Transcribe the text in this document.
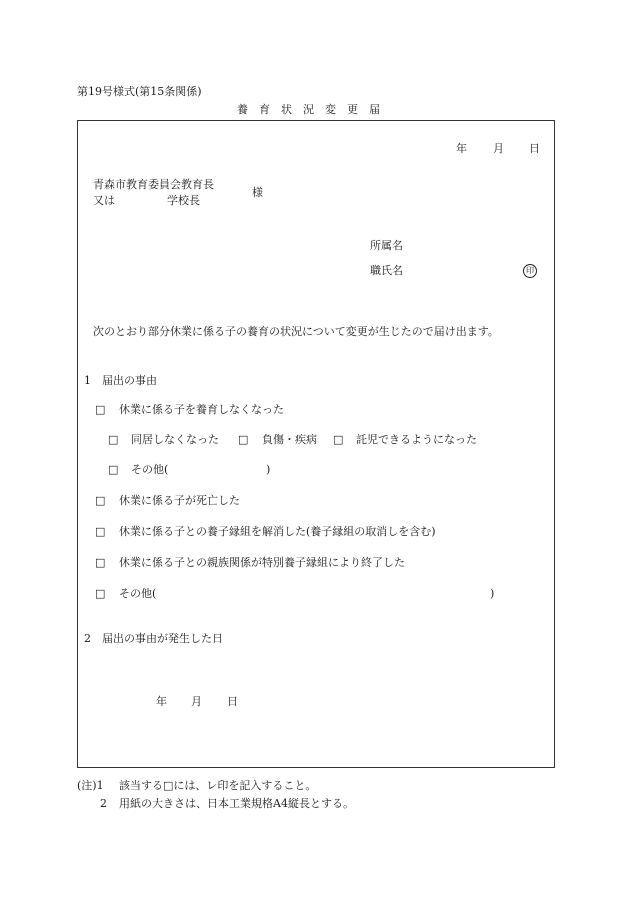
第19号様式(第15条関係)
養 育 状 況 変 更 届
年 月 日
青森市教育委員会教育長
又は	学校長
様
所属名
職氏名	印
次のとおり部分休業に係る子の養育の状況について変更が生じたので届け出ます。
1　届出の事由
□ 休業に係る子を養育しなくなった
□ 同居しなくなった □ 負傷・疾病 □ 託児できるようになった
□ その他(	)
□ 休業に係る子が死亡した
□ 休業に係る子との養子縁組を解消した(養子縁組の取消しを含む)
□ 休業に係る子との親族関係が特別養子縁組により終了した
□ その他(	)
2　届出の事由が発生した日
年 月 日
(注)1 該当する□には、レ印を記入すること。
2 用紙の大きさは、日本工業規格A4縦長とする。
